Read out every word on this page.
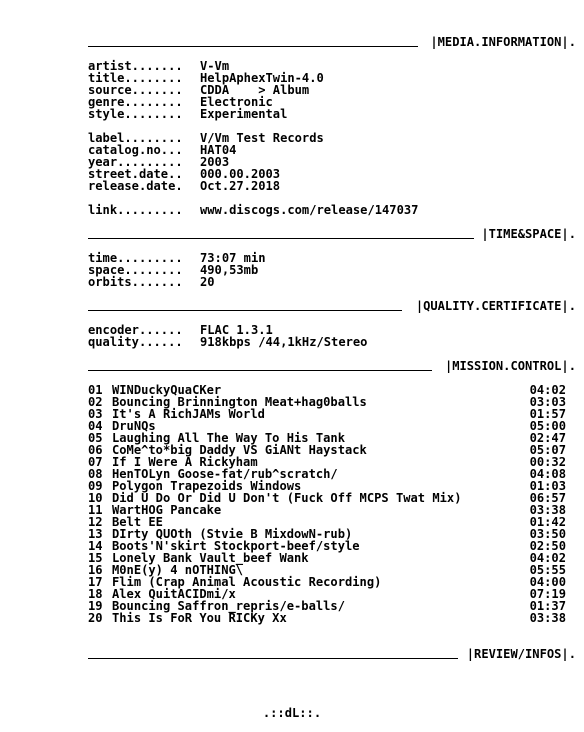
|MEDIA.INFORMATION|.
artist....... V-Vm
title........ HelpAphexTwin-4.0
source....... CDDA    > Album
genre........ Electronic
style........ Experimental
label........ V/Vm Test Records
catalog.no... HAT04
year......... 2003
street.date.. 000.00.2003
release.date. Oct.27.2018
link......... www.discogs.com/release/147037
|TIME&SPACE|.
time......... 73:07 min
space........ 490,53mb
orbits....... 20
|QUALITY.CERTIFICATE|.
encoder...... FLAC 1.3.1
quality...... 918kbps /44,1kHz/Stereo
|MISSION.CONTROL|.
01 WINDuckyQuaCKer	04:02
02 Bouncing Brinnington Meat+hag0balls	03:03
03 It's A RichJAMs World	01:57
04 DruNQs	05:00
05 Laughing All The Way To His Tank	02:47
06 CoMe^to*big Daddy VS GiANt Haystack	05:07
07 If I Were A Rickyham	00:32
08 HenTOLyn Goose-fat/rub^scratch/	04:08
09 Polygon Trapezoids Windows	01:03
10 Did U Do Or Did U Don't (Fuck Off MCPS Twat Mix)	06:57
11 WartHOG Pancake	03:38
12 Belt EE	01:42
13 DIrty QUOth (Stvie B MixdowN-rub)	03:50
14 Boots'N'skirt Stockport-beef/style	02:50
15 Lonely Bank Vault_beef Wank	04:02
16 M0nE(y) 4 nOTHING\	05:55
17 Flim (Crap Animal Acoustic Recording)	04:00
18 Alex QuitACIDmi/x	07:19
19 Bouncing Saffron_repris/e-balls/	01:37
20 This Is FoR You RICKy Xx	03:38
|REVIEW/INFOS|.
.::dL::.
